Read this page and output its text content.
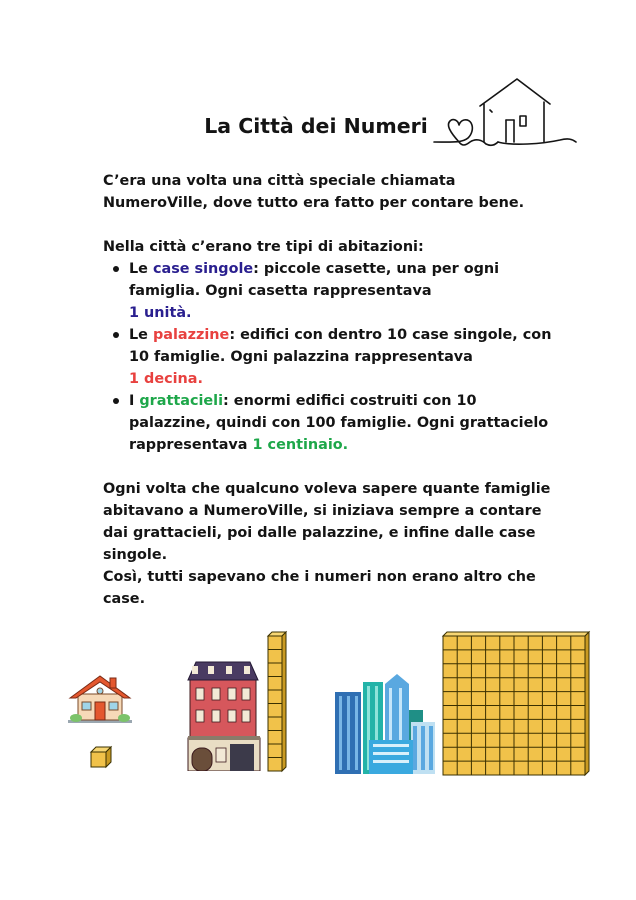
La Città dei Numeri

C’era una volta una città speciale chiamata NumeroVille, dove tutto era fatto per contare bene.

Nella città c’erano tre tipi di abitazioni:

Le case singole: piccole casette, una per ogni famiglia. Ogni casetta rappresentava
1 unità.
Le palazzine: edifici con dentro 10 case singole, con 10 famiglie. Ogni palazzina rappresentava
1 decina.
I grattacieli: enormi edifici costruiti con 10 palazzine, quindi con 100 famiglie. Ogni grattacielo rappresentava 1 centinaio.

Ogni volta che qualcuno voleva sapere quante famiglie abitavano a NumeroVille, si iniziava sempre a contare dai grattacieli, poi dalle palazzine, e infine dalle case singole.

Così, tutti sapevano che i numeri non erano altro che case.
